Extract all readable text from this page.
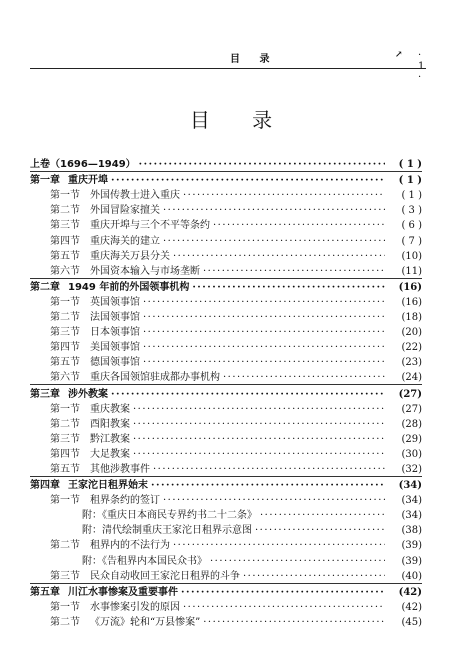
目 录	↗ · 1 ·
目 录
上卷（1696—1949） ·····	( 1 )
第一章 重庆开埠 ·····	( 1 )
第一节 外国传教士进入重庆 ·····	( 1 )
第二节 外国冒险家擅关 ·····	( 3 )
第三节 重庆开埠与三个不平等条约 ·····	( 6 )
第四节 重庆海关的建立 ·····	( 7 )
第五节 重庆海关万县分关 ·····	(10)
第六节 外国资本输入与市场垄断 ·····	(11)
第二章 1949 年前的外国领事机构 ·····	(16)
第一节 英国领事馆 ·····	(16)
第二节 法国领事馆 ·····	(18)
第三节 日本领事馆 ·····	(20)
第四节 美国领事馆 ·····	(22)
第五节 德国领事馆 ·····	(23)
第六节 重庆各国领馆驻成都办事机构 ·····	(24)
第三章 涉外教案 ·····	(27)
第一节 重庆教案 ·····	(27)
第二节 酉阳教案 ·····	(28)
第三节 黔江教案 ·····	(29)
第四节 大足教案 ·····	(30)
第五节 其他涉教事件 ·····	(32)
第四章 王家沱日租界始末 ·····	(34)
第一节 租界条约的签订 ·····	(34)
附：《重庆日本商民专界约书二十二条》 ·····	(34)
附：清代绘制重庆王家沱日租界示意图 ·····	(38)
第二节 租界内的不法行为 ·····	(39)
附：《告租界内本国民众书》 ·····	(39)
第三节 民众自动收回王家沱日租界的斗争 ·····	(40)
第五章 川江水事惨案及重要事件 ·····	(42)
第一节 水事惨案引发的原因 ·····	(42)
第二节 《万流》轮和“万县惨案” ·····	(45)
